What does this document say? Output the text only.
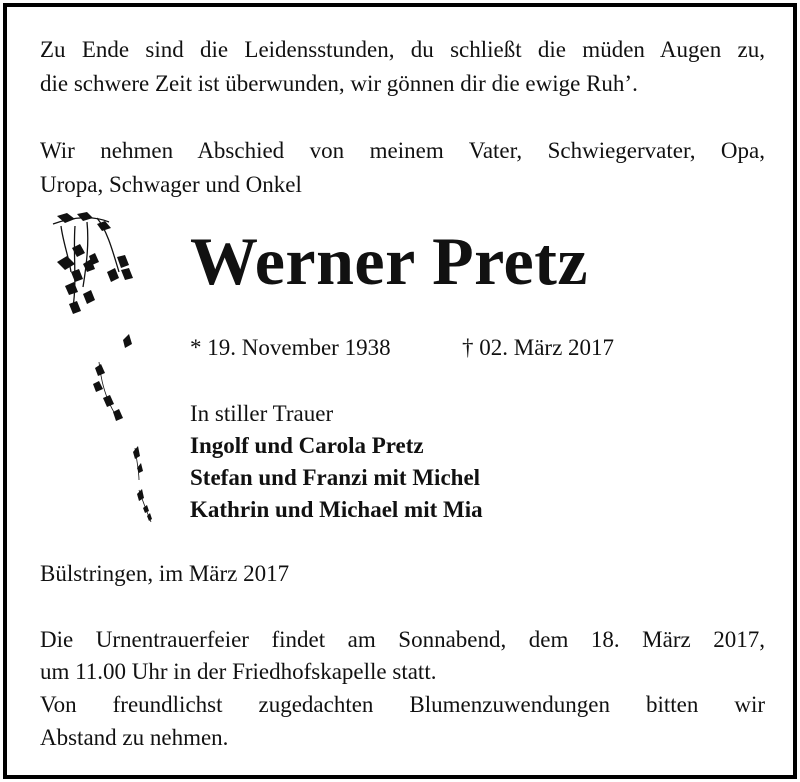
Zu Ende sind die Leidensstunden, du schließt die müden Augen zu,

die schwere Zeit ist überwunden, wir gönnen dir die ewige Ruh’.

Wir nehmen Abschied von meinem Vater, Schwiegervater, Opa,

Uropa, Schwager und Onkel

Werner Pretz
* 19. November 1938	† 02. März 2017
In stiller Trauer
Ingolf und Carola Pretz
Stefan und Franzi mit Michel
Kathrin und Michael mit Mia

Bülstringen, im März 2017

Die Urnentrauerfeier findet am Sonnabend, dem 18. März 2017,

um 11.00 Uhr in der Friedhofskapelle statt.

Von freundlichst zugedachten Blumenzuwendungen bitten wir

Abstand zu nehmen.
